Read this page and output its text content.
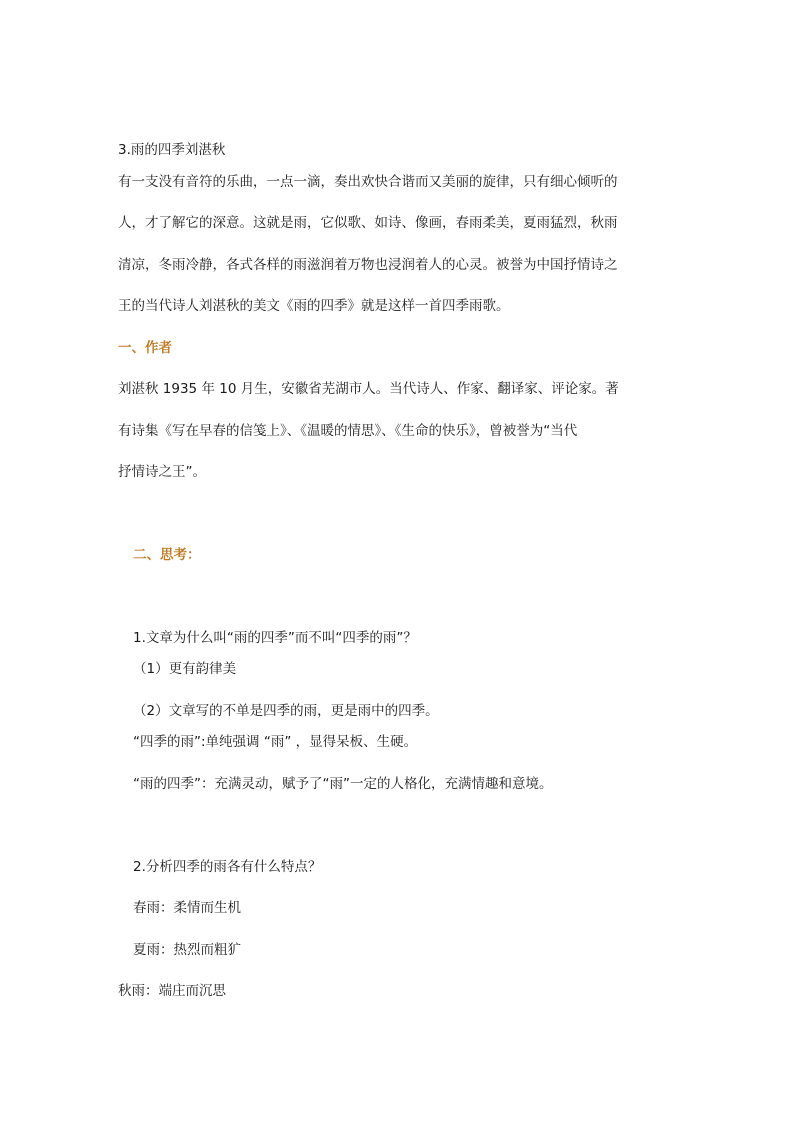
3.雨的四季刘湛秋
有一支没有音符的乐曲，一点一滴，奏出欢快合谐而又美丽的旋律，只有细心倾听的
人，才了解它的深意。这就是雨，它似歌、如诗、像画，春雨柔美，夏雨猛烈，秋雨
清凉，冬雨冷静，各式各样的雨滋润着万物也浸润着人的心灵。被誉为中国抒情诗之
王的当代诗人刘湛秋的美文《雨的四季》就是这样一首四季雨歌。
一、作者
刘湛秋 1935 年 10 月生，安徽省芜湖市人。当代诗人、作家、翻译家、评论家。著
有诗集《写在早春的信笺上》、《温暖的情思》、《生命的快乐》，曾被誉为“当代
抒情诗之王”。
二、思考：
1.文章为什么叫“雨的四季”而不叫“四季的雨”？
（1）更有韵律美
（2）文章写的不单是四季的雨，更是雨中的四季。
“四季的雨”:单纯强调 “雨” ，显得呆板、生硬。
“雨的四季”：充满灵动，赋予了“雨”一定的人格化，充满情趣和意境。
2.分析四季的雨各有什么特点？
春雨：柔情而生机
夏雨：热烈而粗犷
秋雨：端庄而沉思
